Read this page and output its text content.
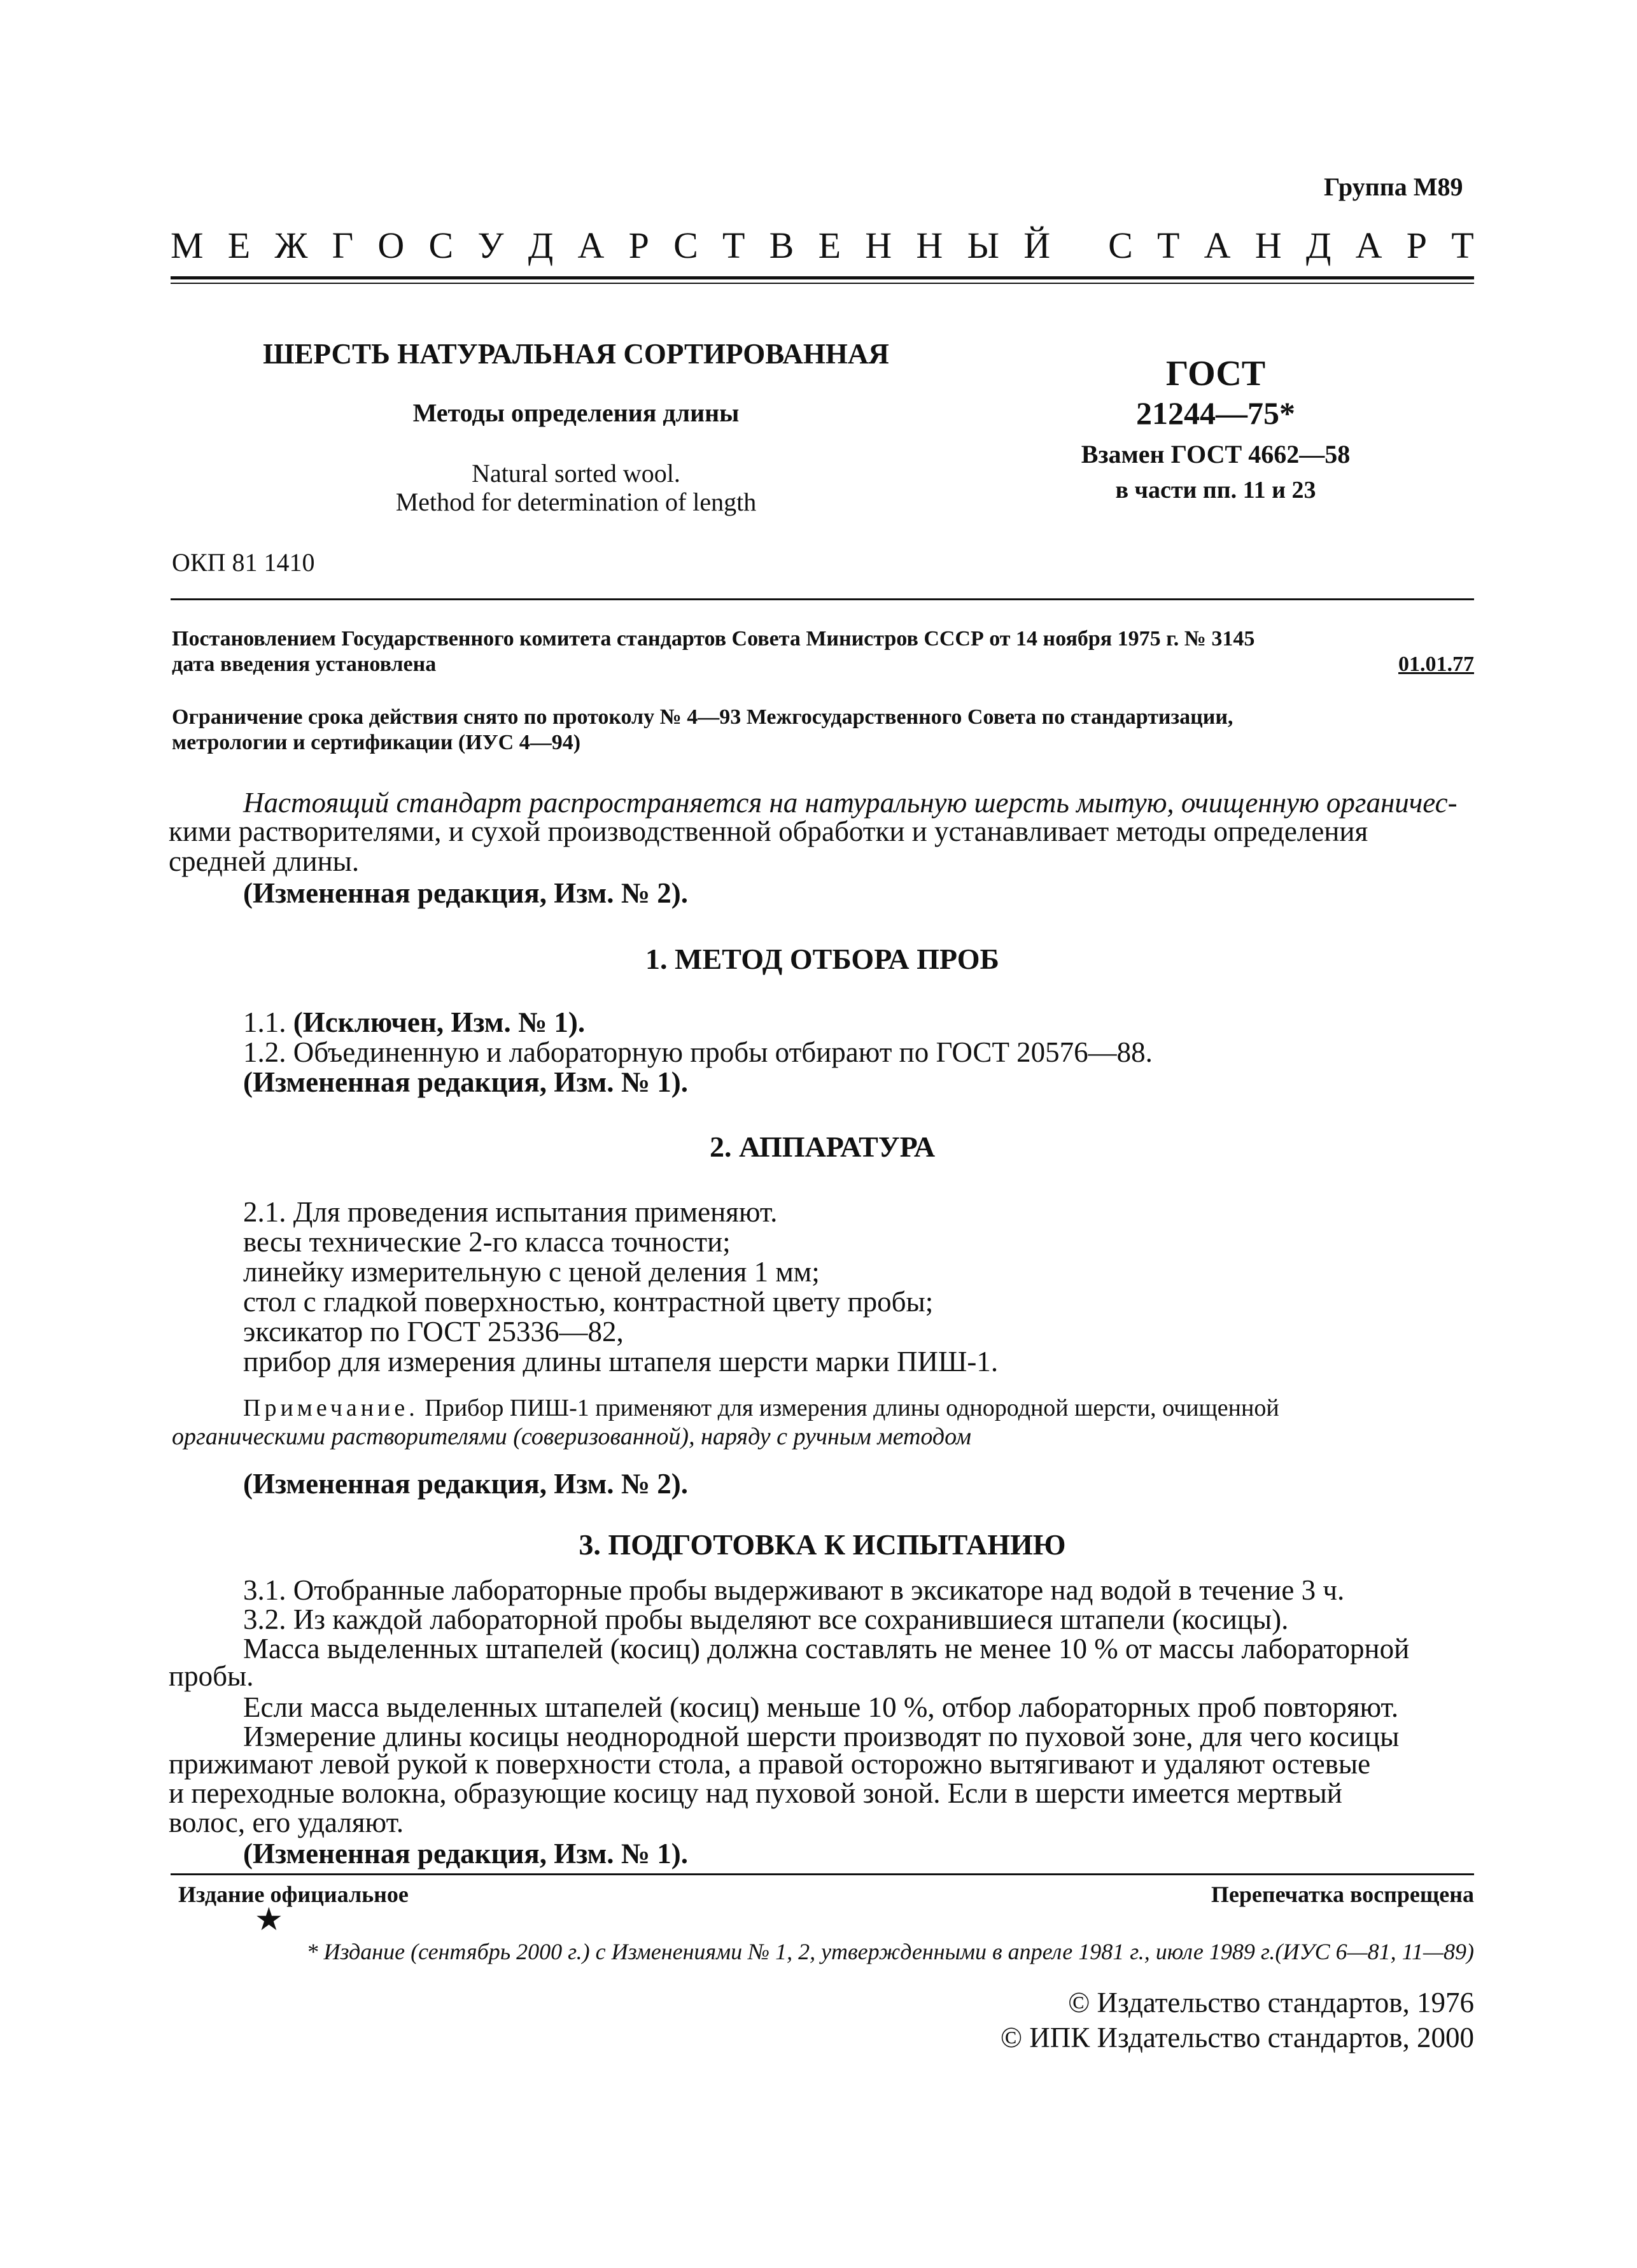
Группа М89
М Е Ж Г О С У Д А Р С Т В Е Н Н Ы Й
С Т А Н Д А Р Т
ШЕРСТЬ НАТУРАЛЬНАЯ СОРТИРОВАННАЯ
Методы определения длины
Natural sorted wool.
Method for determination of length
ГОСТ
21244—75*
Взамен ГОСТ 4662—58
в части пп. 11 и 23
ОКП 81 1410
Постановлением Государственного комитета стандартов Совета Министров СССР от 14 ноября 1975 г. № 3145
дата введения установлена	01.01.77
Ограничение срока действия снято по протоколу № 4—93 Межгосударственного Совета по стандартизации,
метрологии и сертификации (ИУС 4—94)
Настоящий стандарт распространяется на натуральную шерсть мытую, очищенную органичес-
кими растворителями, и сухой производственной обработки и устанавливает методы определения
средней длины.
(Измененная редакция, Изм. № 2).
1. МЕТОД ОТБОРА ПРОБ
1.1. (Исключен, Изм. № 1).
1.2. Объединенную и лабораторную пробы отбирают по ГОСТ 20576—88.
(Измененная редакция, Изм. № 1).
2. АППАРАТУРА
2.1. Для проведения испытания применяют.
весы технические 2-го класса точности;
линейку измерительную с ценой деления 1 мм;
стол с гладкой поверхностью, контрастной цвету пробы;
эксикатор по ГОСТ 25336—82,
прибор для измерения длины штапеля шерсти марки ПИШ-1.
Примечание. Прибор ПИШ-1 применяют для измерения длины однородной шерсти, очищенной
органическими растворителями (соверизованной), наряду с ручным методом
(Измененная редакция, Изм. № 2).
3. ПОДГОТОВКА К ИСПЫТАНИЮ
3.1. Отобранные лабораторные пробы выдерживают в эксикаторе над водой в течение 3 ч.
3.2. Из каждой лабораторной пробы выделяют все сохранившиеся штапели (косицы).
Масса выделенных штапелей (косиц) должна составлять не менее 10 % от массы лабораторной
пробы.
Если масса выделенных штапелей (косиц) меньше 10 %, отбор лабораторных проб повторяют.
Измерение длины косицы неоднородной шерсти производят по пуховой зоне, для чего косицы
прижимают левой рукой к поверхности стола, а правой осторожно вытягивают и удаляют остевые
и переходные волокна, образующие косицу над пуховой зоной. Если в шерсти имеется мертвый
волос, его удаляют.
(Измененная редакция, Изм. № 1).
Издание официальное	Перепечатка воспрещена
★
* Издание (сентябрь 2000 г.) с Изменениями № 1, 2, утвержденными в апреле 1981 г., июле 1989 г.(ИУС 6—81, 11—89)
© Издательство стандартов, 1976
© ИПК Издательство стандартов, 2000
